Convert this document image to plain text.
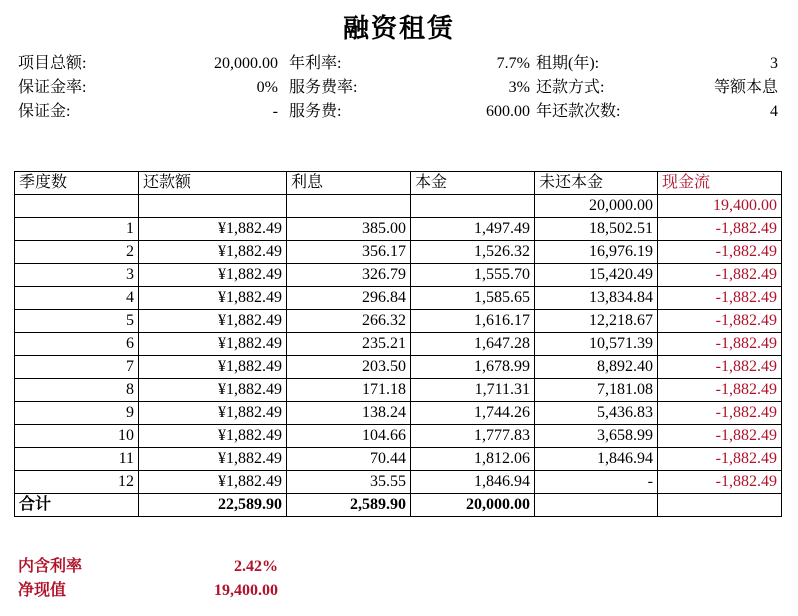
融资租赁
项目总额:	20,000.00 年利率:	7.7% 租期(年):	3
保证金率:	0% 服务费率:	3% 还款方式:	等额本息
保证金:	- 服务费:	600.00 年还款次数:	4
季度数	还款额	利息	本金	未还本金	现金流
				20,000.00	19,400.00
1	¥1,882.49	385.00	1,497.49	18,502.51	-1,882.49
2	¥1,882.49	356.17	1,526.32	16,976.19	-1,882.49
3	¥1,882.49	326.79	1,555.70	15,420.49	-1,882.49
4	¥1,882.49	296.84	1,585.65	13,834.84	-1,882.49
5	¥1,882.49	266.32	1,616.17	12,218.67	-1,882.49
6	¥1,882.49	235.21	1,647.28	10,571.39	-1,882.49
7	¥1,882.49	203.50	1,678.99	8,892.40	-1,882.49
8	¥1,882.49	171.18	1,711.31	7,181.08	-1,882.49
9	¥1,882.49	138.24	1,744.26	5,436.83	-1,882.49
10	¥1,882.49	104.66	1,777.83	3,658.99	-1,882.49
11	¥1,882.49	70.44	1,812.06	1,846.94	-1,882.49
12	¥1,882.49	35.55	1,846.94	-	-1,882.49
合计	22,589.90	2,589.90	20,000.00		
内含利率	2.42%
净现值	19,400.00
